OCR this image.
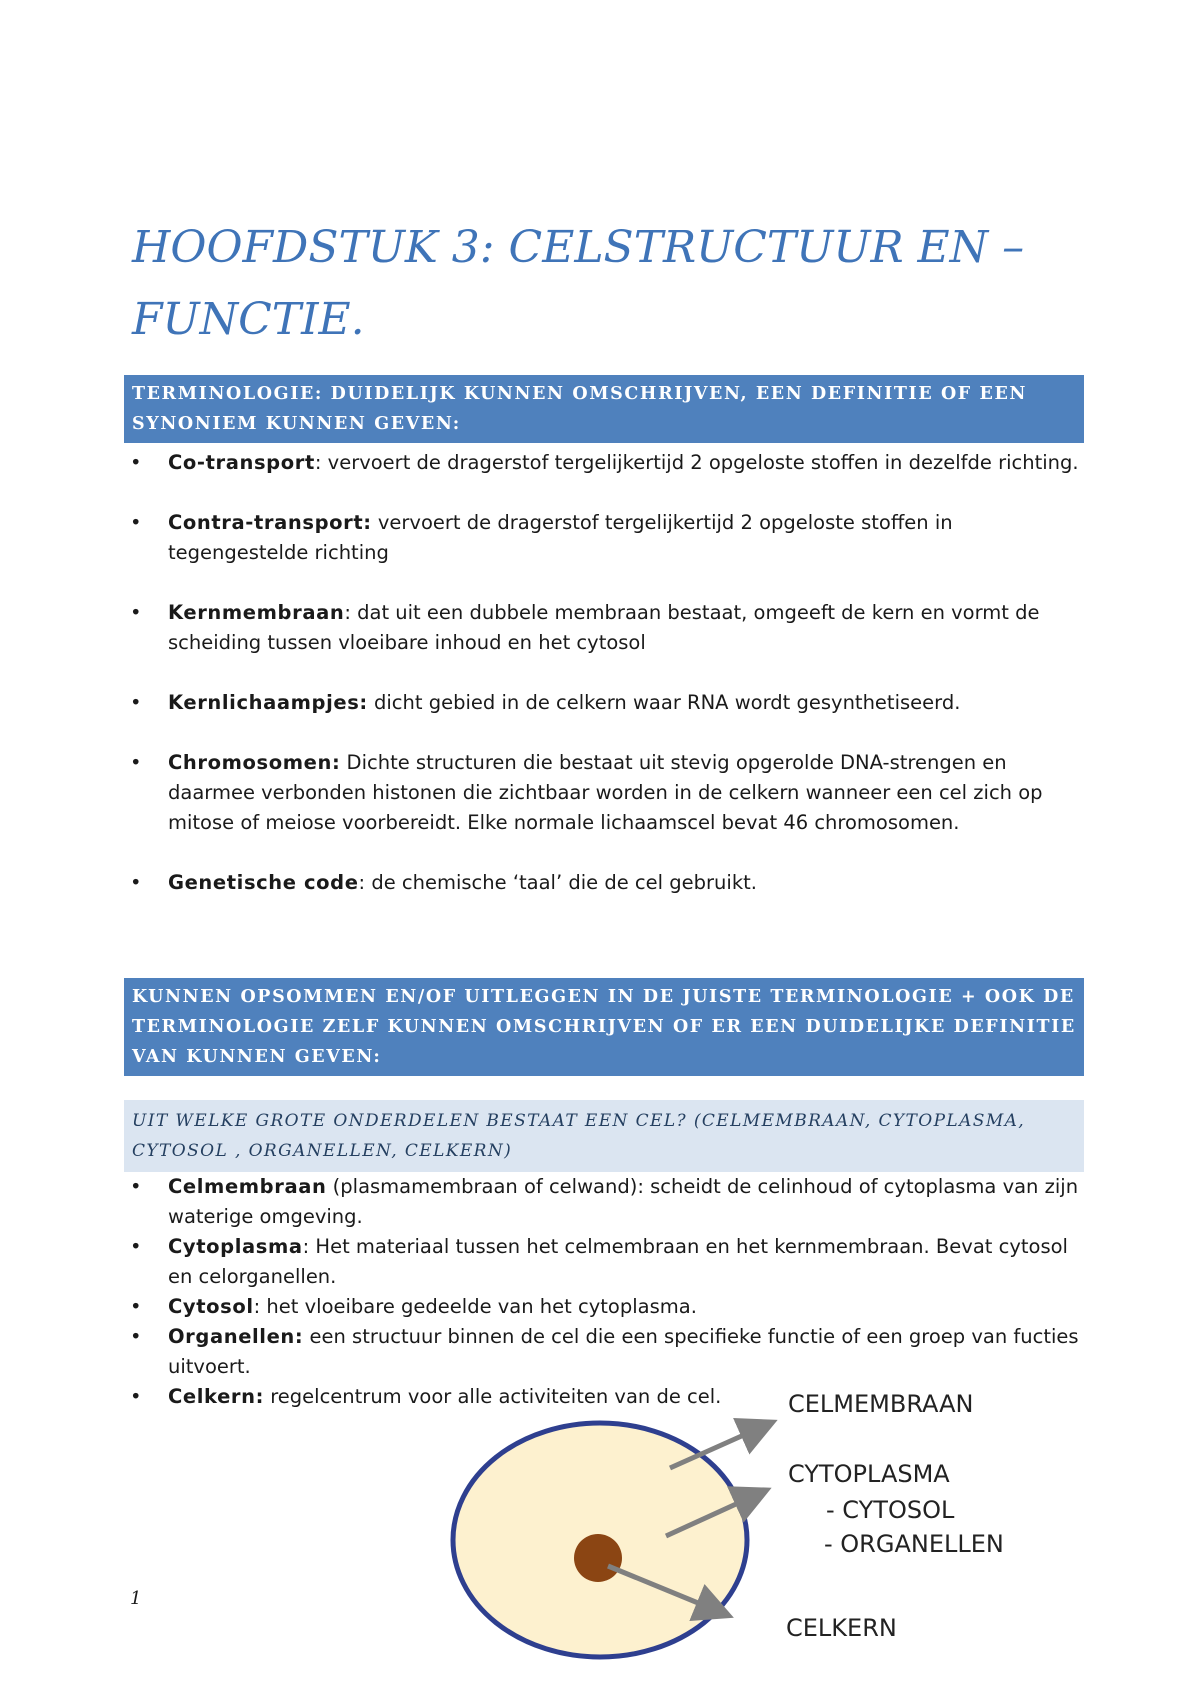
HOOFDSTUK 3: CELSTRUCTUUR EN – FUNCTIE.
TERMINOLOGIE: DUIDELIJK KUNNEN OMSCHRIJVEN, EEN DEFINITIE OF EEN SYNONIEM KUNNEN GEVEN:
• Co-transport: vervoert de dragerstof tergelijkertijd 2 opgeloste stoffen in dezelfde richting.
• Contra-transport: vervoert de dragerstof tergelijkertijd 2 opgeloste stoffen in tegengestelde richting
• Kernmembraan: dat uit een dubbele membraan bestaat, omgeeft de kern en vormt de scheiding tussen vloeibare inhoud en het cytosol
• Kernlichaampjes: dicht gebied in de celkern waar RNA wordt gesynthetiseerd.
• Chromosomen: Dichte structuren die bestaat uit stevig opgerolde DNA-strengen en daarmee verbonden histonen die zichtbaar worden in de celkern wanneer een cel zich op mitose of meiose voorbereidt. Elke normale lichaamscel bevat 46 chromosomen.
• Genetische code: de chemische ‘taal’ die de cel gebruikt.
KUNNEN OPSOMMEN EN/OF UITLEGGEN IN DE JUISTE TERMINOLOGIE + OOK DE TERMINOLOGIE ZELF KUNNEN OMSCHRIJVEN OF ER EEN DUIDELIJKE DEFINITIE VAN KUNNEN GEVEN:
UIT WELKE GROTE ONDERDELEN BESTAAT EEN CEL? (CELMEMBRAAN, CYTOPLASMA, CYTOSOL , ORGANELLEN, CELKERN)
• Celmembraan (plasmamembraan of celwand): scheidt de celinhoud of cytoplasma van zijn waterige omgeving.
• Cytoplasma: Het materiaal tussen het celmembraan en het kernmembraan. Bevat cytosol en celorganellen.
• Cytosol: het vloeibare gedeelde van het cytoplasma.
• Organellen: een structuur binnen de cel die een specifieke functie of een groep van fucties uitvoert.
• Celkern: regelcentrum voor alle activiteiten van de cel.	CELMEMBRAAN
CYTOPLASMA
- CYTOSOL
- ORGANELLEN
CELKERN
1
